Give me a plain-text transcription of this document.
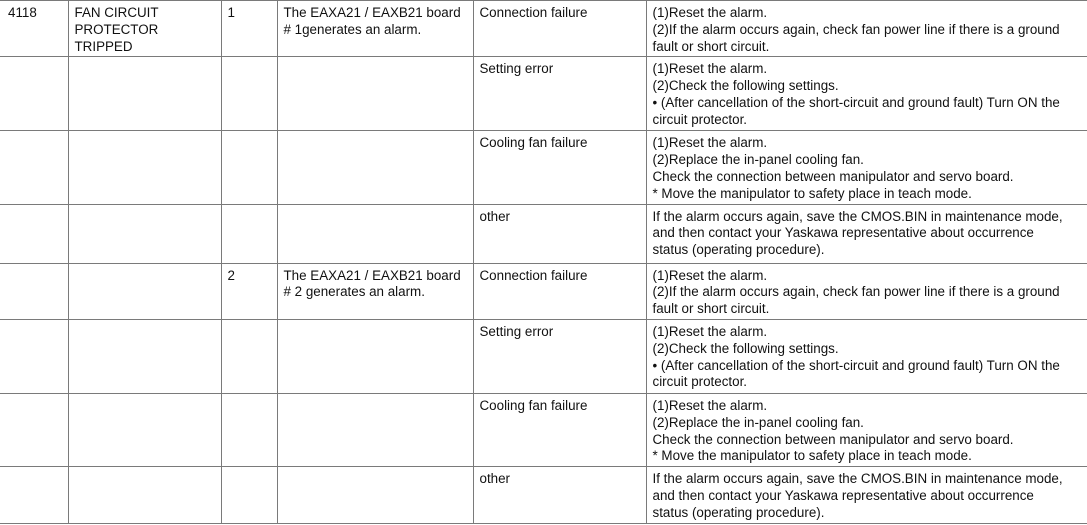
4118	FAN CIRCUIT
PROTECTOR
TRIPPED	1	The EAXA21 / EAXB21 board
# 1generates an alarm.	Connection failure	(1)Reset the alarm.
(2)If the alarm occurs again, check fan power line if there is a ground
fault or short circuit.

				Setting error	(1)Reset the alarm.
(2)Check the following settings.
• (After cancellation of the short-circuit and ground fault) Turn ON the
circuit protector.

				Cooling fan failure	(1)Reset the alarm.
(2)Replace the in-panel cooling fan.
Check the connection between manipulator and servo board.
* Move the manipulator to safety place in teach mode.

				other	If the alarm occurs again, save the CMOS.BIN in maintenance mode,
and then contact your Yaskawa representative about occurrence
status (operating procedure).

		2	The EAXA21 / EAXB21 board
# 2 generates an alarm.	Connection failure	(1)Reset the alarm.
(2)If the alarm occurs again, check fan power line if there is a ground
fault or short circuit.

				Setting error	(1)Reset the alarm.
(2)Check the following settings.
• (After cancellation of the short-circuit and ground fault) Turn ON the
circuit protector.

				Cooling fan failure	(1)Reset the alarm.
(2)Replace the in-panel cooling fan.
Check the connection between manipulator and servo board.
* Move the manipulator to safety place in teach mode.

				other	If the alarm occurs again, save the CMOS.BIN in maintenance mode,
and then contact your Yaskawa representative about occurrence
status (operating procedure).
